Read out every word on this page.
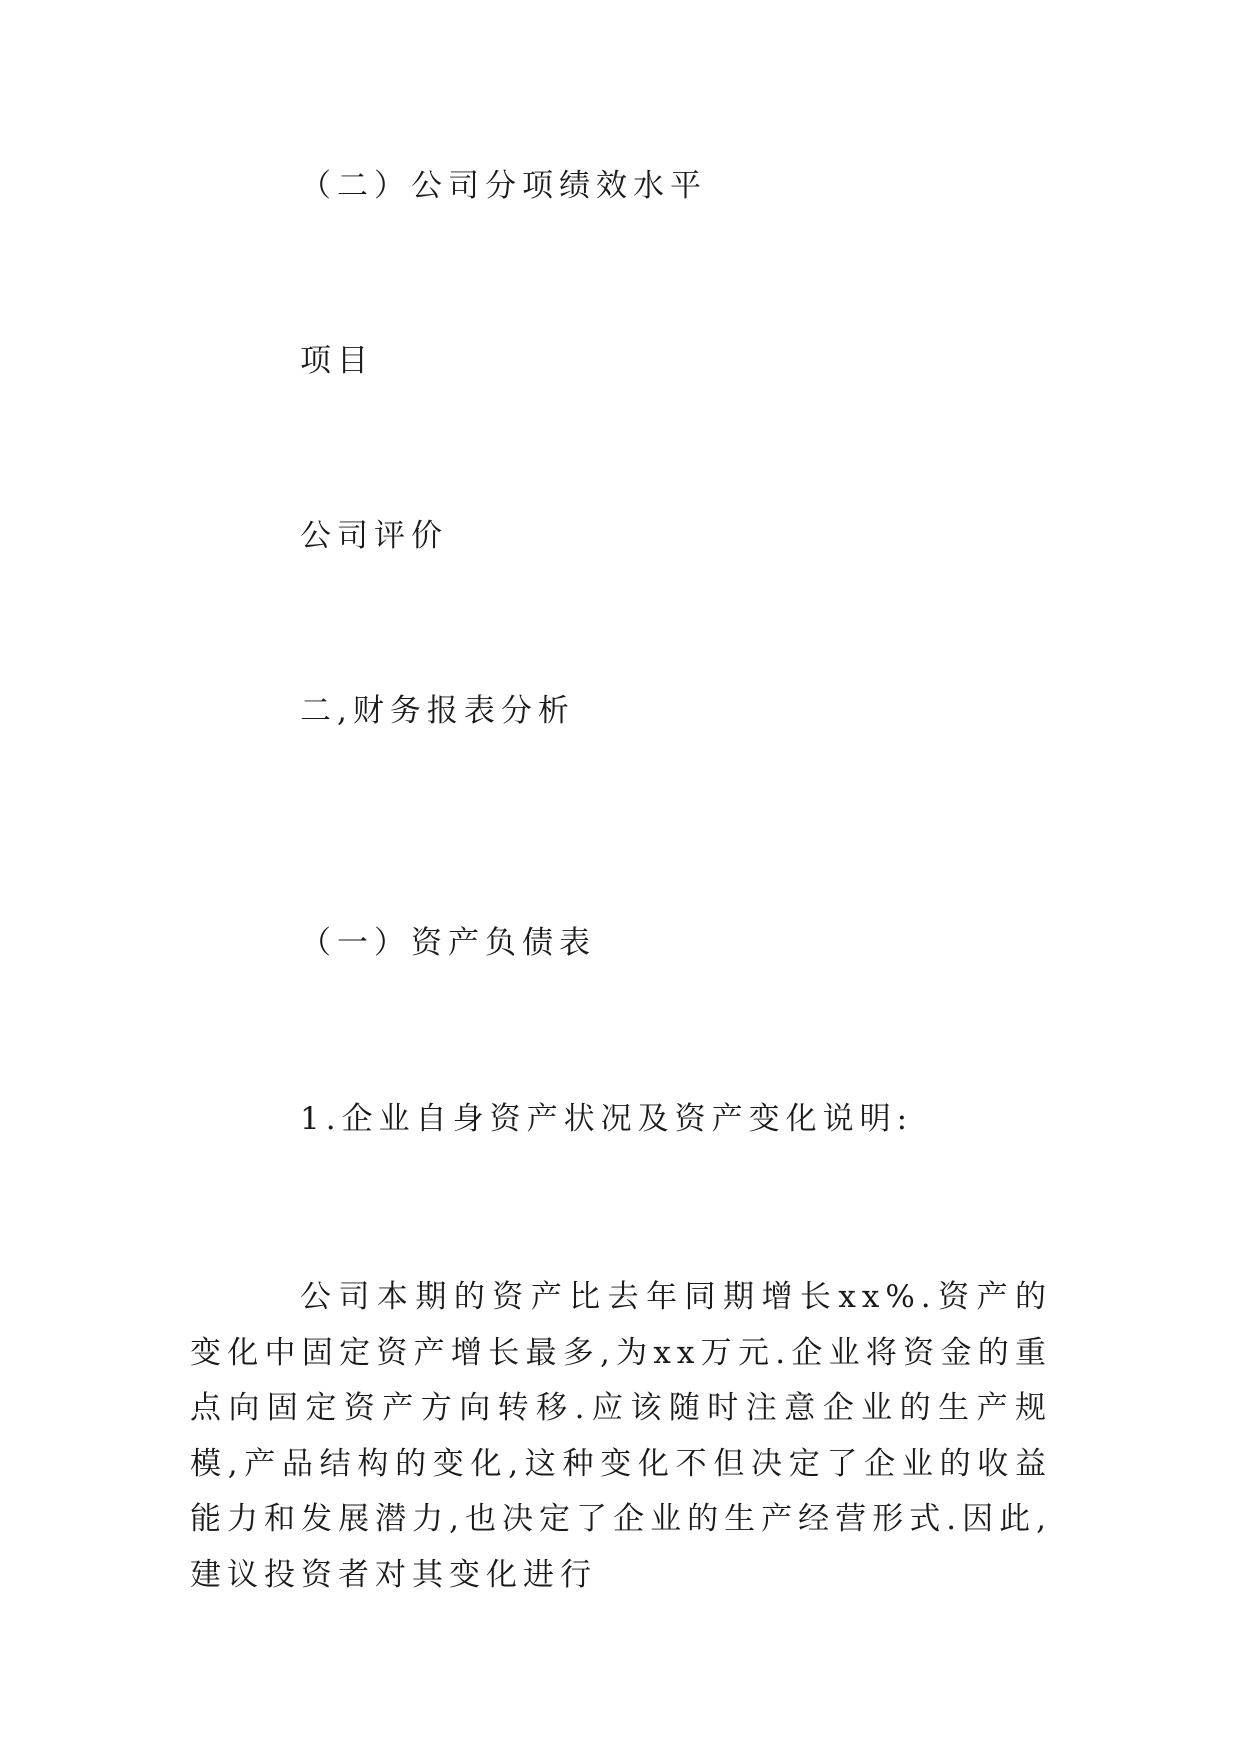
（二）公司分项绩效水平
项目
公司评价
二,财务报表分析
（一）资产负债表
1.企业自身资产状况及资产变化说明:
公司本期的资产比去年同期增长xx%.资产的变化中固定资产增长最多,为xx万元.企业将资金的重点向固定资产方向转移.应该随时注意企业的生产规模,产品结构的变化,这种变化不但决定了企业的收益能力和发展潜力,也决定了企业的生产经营形式.因此,建议投资者对其变化进行
